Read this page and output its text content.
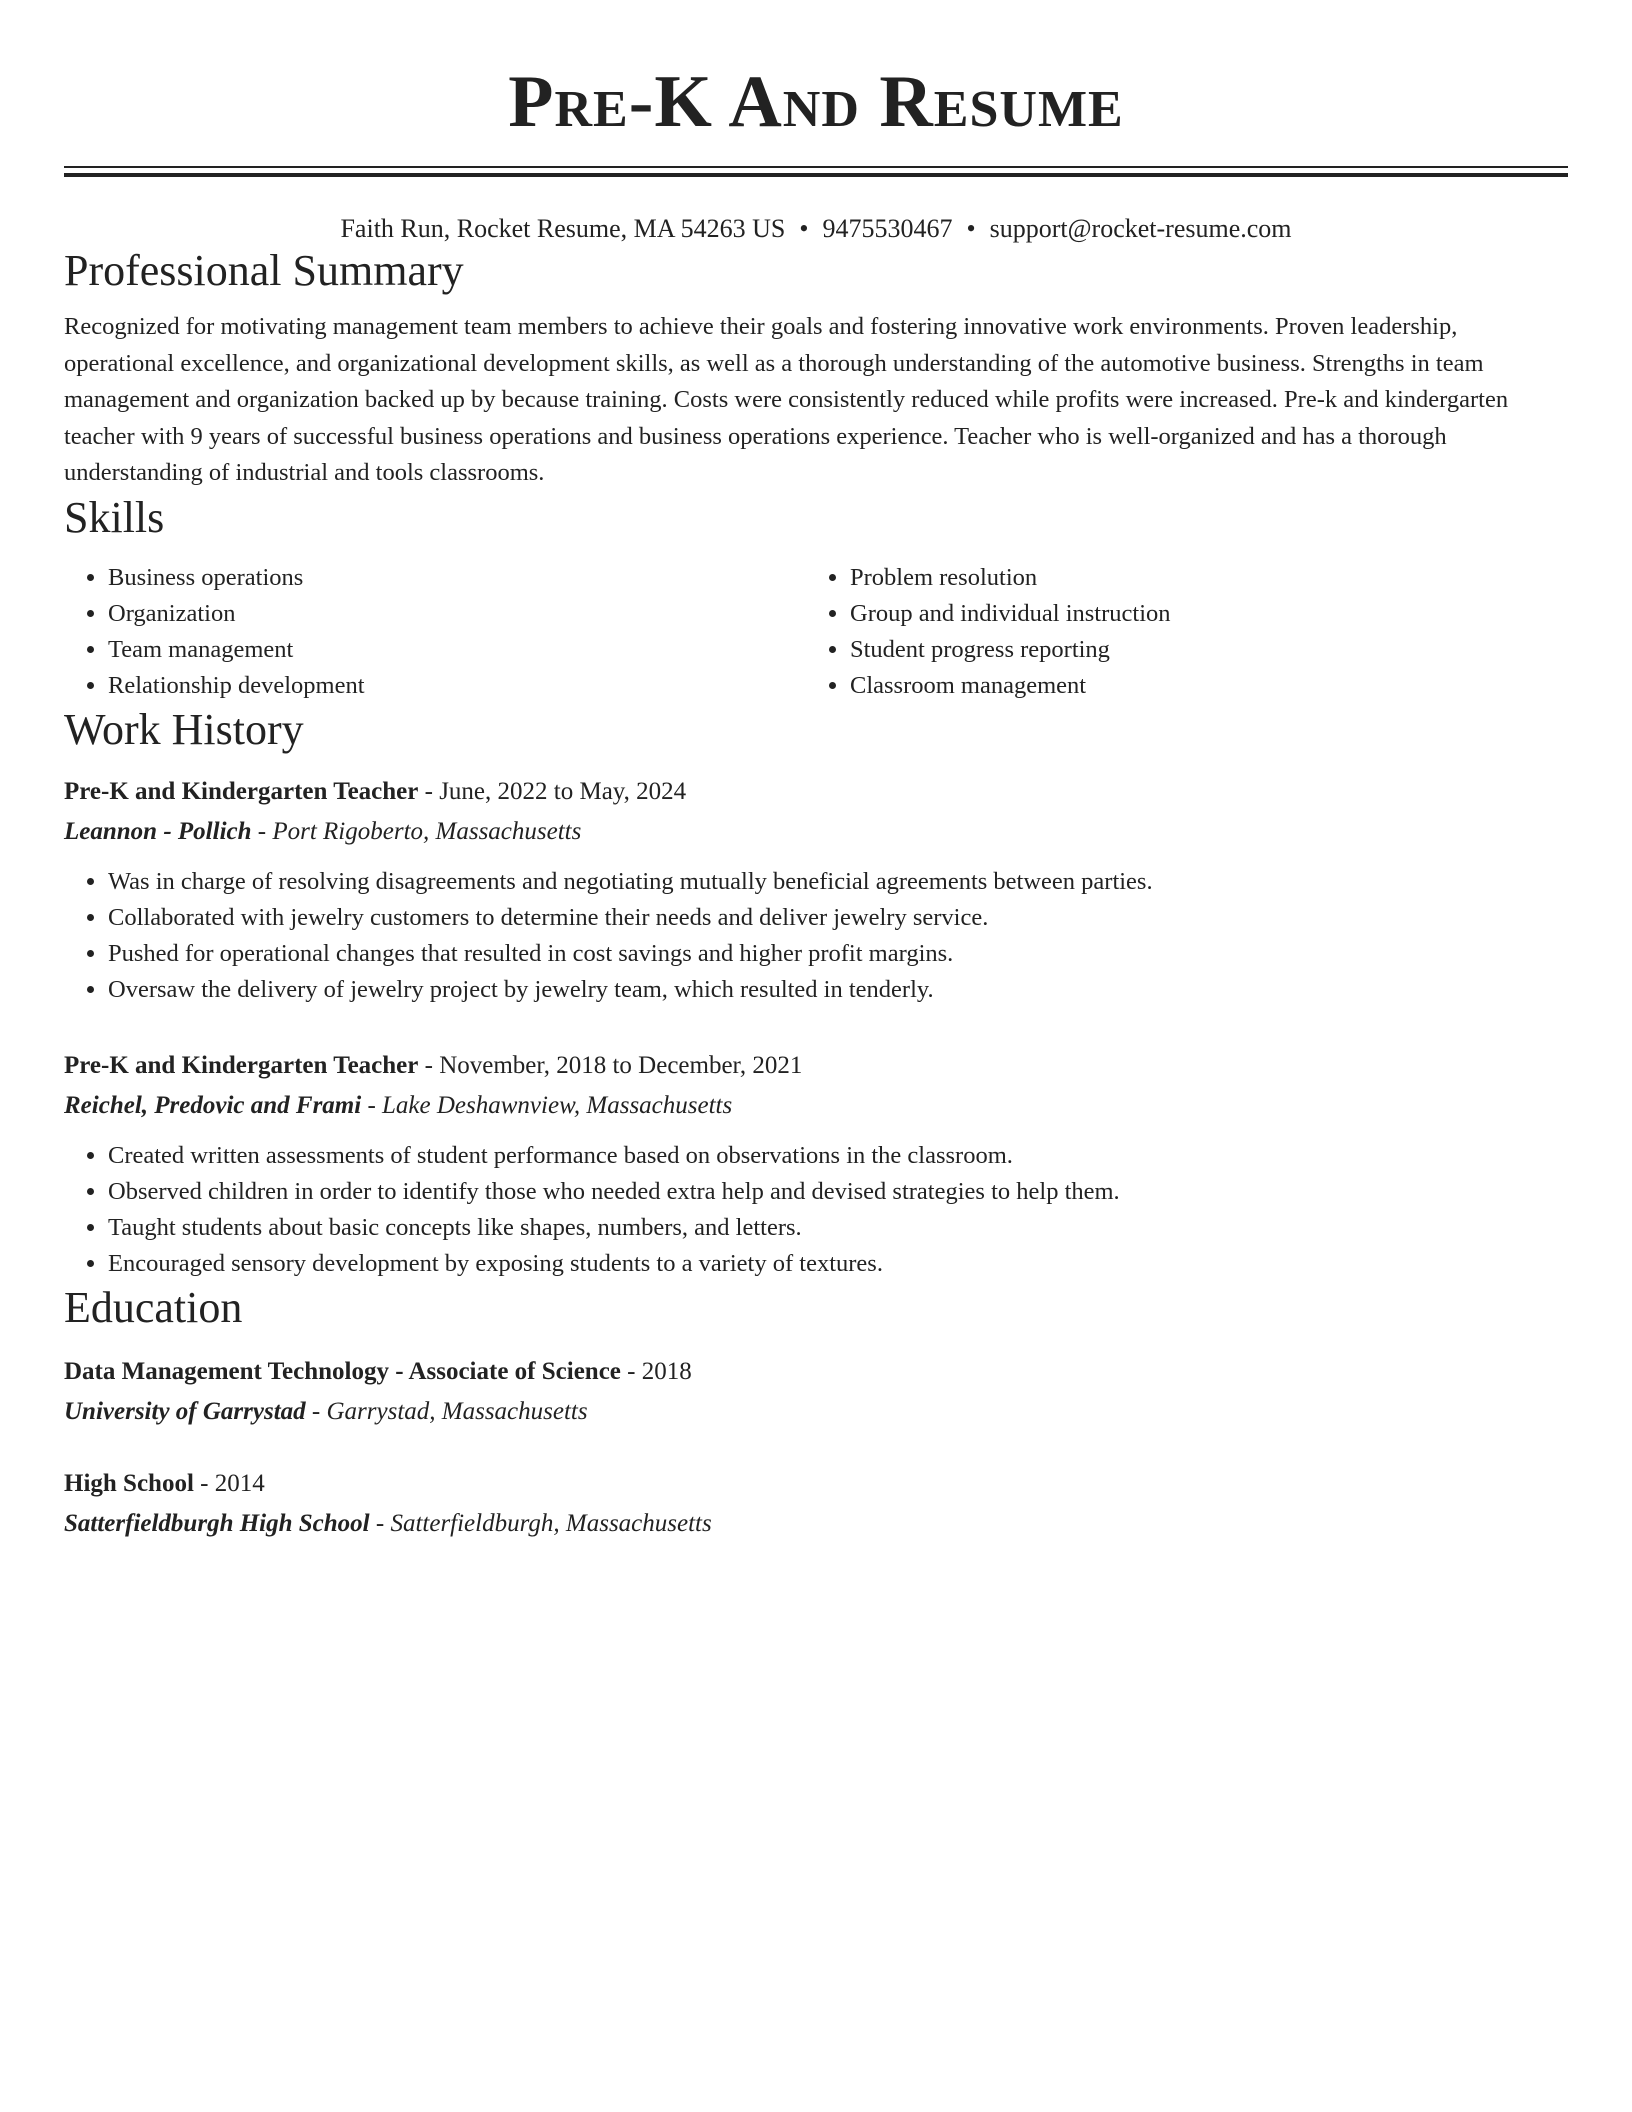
Pre-K And Resume
Faith Run, Rocket Resume, MA 54263 US • 9475530467 • support@rocket-resume.com
Professional Summary

Recognized for motivating management team members to achieve their goals and fostering innovative work environments. Proven leadership, operational excellence, and organizational development skills, as well as a thorough understanding of the automotive business. Strengths in team management and organization backed up by because training. Costs were consistently reduced while profits were increased. Pre-k and kindergarten teacher with 9 years of successful business operations and business operations experience. Teacher who is well-organized and has a thorough understanding of industrial and tools classrooms.

Skills
• Business operations
• Organization
• Team management
• Relationship development
• Problem resolution
• Group and individual instruction
• Student progress reporting
• Classroom management
Work History
Pre-K and Kindergarten Teacher - June, 2022 to May, 2024
Leannon - Pollich - Port Rigoberto, Massachusetts
• Was in charge of resolving disagreements and negotiating mutually beneficial agreements between parties.
• Collaborated with jewelry customers to determine their needs and deliver jewelry service.
• Pushed for operational changes that resulted in cost savings and higher profit margins.
• Oversaw the delivery of jewelry project by jewelry team, which resulted in tenderly.
Pre-K and Kindergarten Teacher - November, 2018 to December, 2021
Reichel, Predovic and Frami - Lake Deshawnview, Massachusetts
• Created written assessments of student performance based on observations in the classroom.
• Observed children in order to identify those who needed extra help and devised strategies to help them.
• Taught students about basic concepts like shapes, numbers, and letters.
• Encouraged sensory development by exposing students to a variety of textures.
Education
Data Management Technology - Associate of Science - 2018
University of Garrystad - Garrystad, Massachusetts
High School - 2014
Satterfieldburgh High School - Satterfieldburgh, Massachusetts
